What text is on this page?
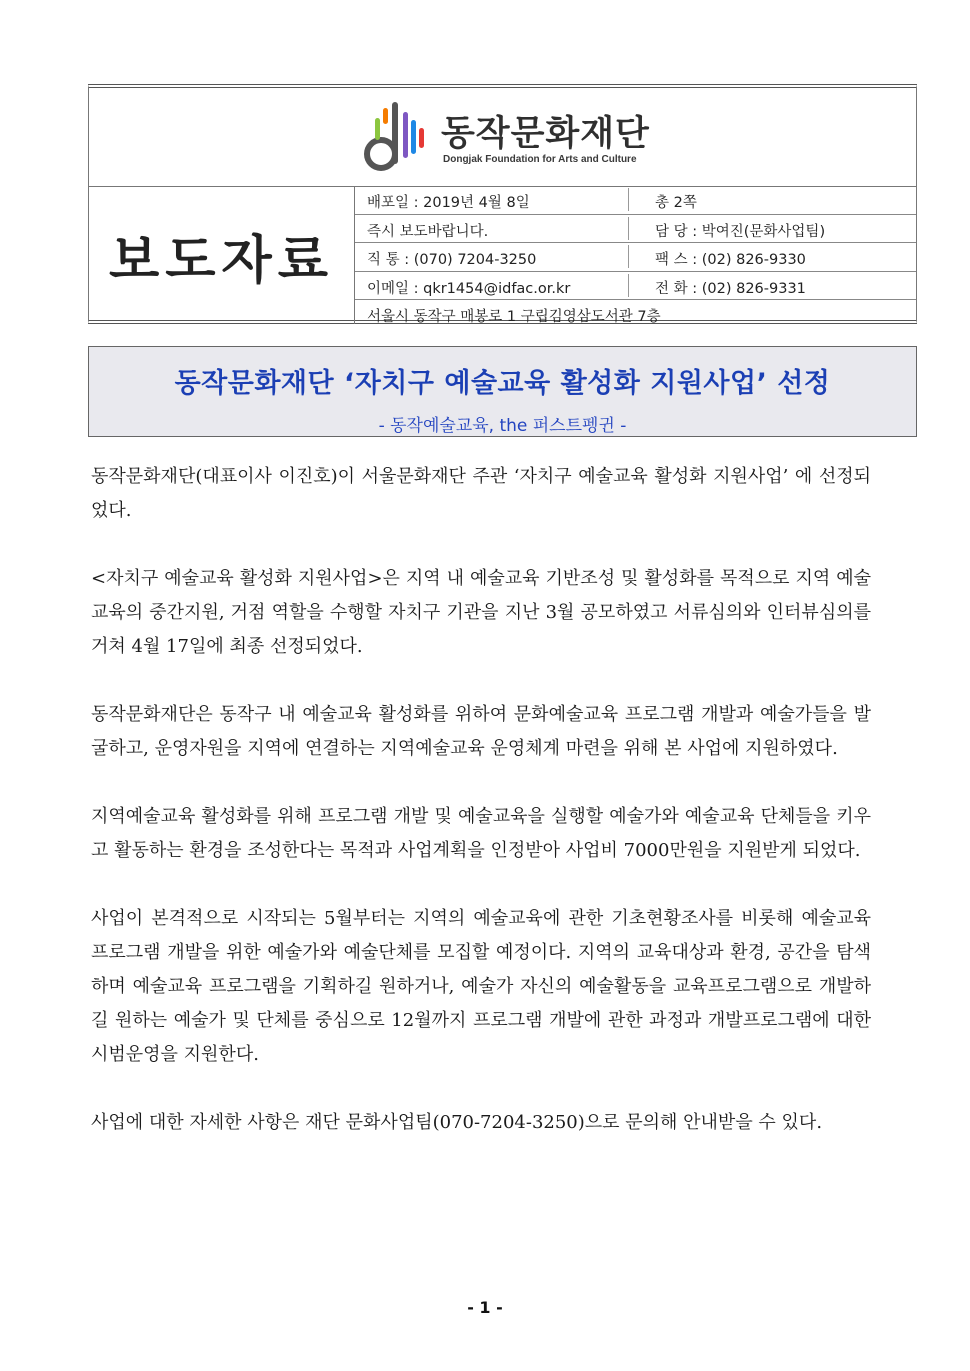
동작문화재단
Dongjak Foundation for Arts and Culture
보도자료
배포일 : 2019년 4월 8일	총 2쪽
즉시 보도바랍니다.	담 당 : 박여진(문화사업팀)
직 통 : (070) 7204-3250	팩 스 : (02) 826-9330
이메일 : qkr1454@idfac.or.kr	전 화 : (02) 826-9331
서울시 동작구 매봉로 1 구립김영삼도서관 7층
동작문화재단 ‘자치구 예술교육 활성화 지원사업’ 선정
- 동작예술교육, the 퍼스트펭귄 -

동작문화재단(대표이사 이진호)이 서울문화재단 주관 ‘자치구 예술교육 활성화 지원사업’ 에 선정되었다.

<자치구 예술교육 활성화 지원사업>은 지역 내 예술교육 기반조성 및 활성화를 목적으로 지역 예술교육의 중간지원, 거점 역할을 수행할 자치구 기관을 지난 3월 공모하였고 서류심의와 인터뷰심의를 거쳐 4월 17일에 최종 선정되었다.

동작문화재단은 동작구 내 예술교육 활성화를 위하여 문화예술교육 프로그램 개발과 예술가들을 발굴하고, 운영자원을 지역에 연결하는 지역예술교육 운영체계 마련을 위해 본 사업에 지원하였다.

지역예술교육 활성화를 위해 프로그램 개발 및 예술교육을 실행할 예술가와 예술교육 단체들을 키우고 활동하는 환경을 조성한다는 목적과 사업계획을 인정받아 사업비 7000만원을 지원받게 되었다.

사업이 본격적으로 시작되는 5월부터는 지역의 예술교육에 관한 기초현황조사를 비롯해 예술교육 프로그램 개발을 위한 예술가와 예술단체를 모집할 예정이다. 지역의 교육대상과 환경, 공간을 탐색하며 예술교육 프로그램을 기획하길 원하거나, 예술가 자신의 예술활동을 교육프로그램으로 개발하길 원하는 예술가 및 단체를 중심으로 12월까지 프로그램 개발에 관한 과정과 개발프로그램에 대한 시범운영을 지원한다.

사업에 대한 자세한 사항은 재단 문화사업팀(070-7204-3250)으로 문의해 안내받을 수 있다.

- 1 -
